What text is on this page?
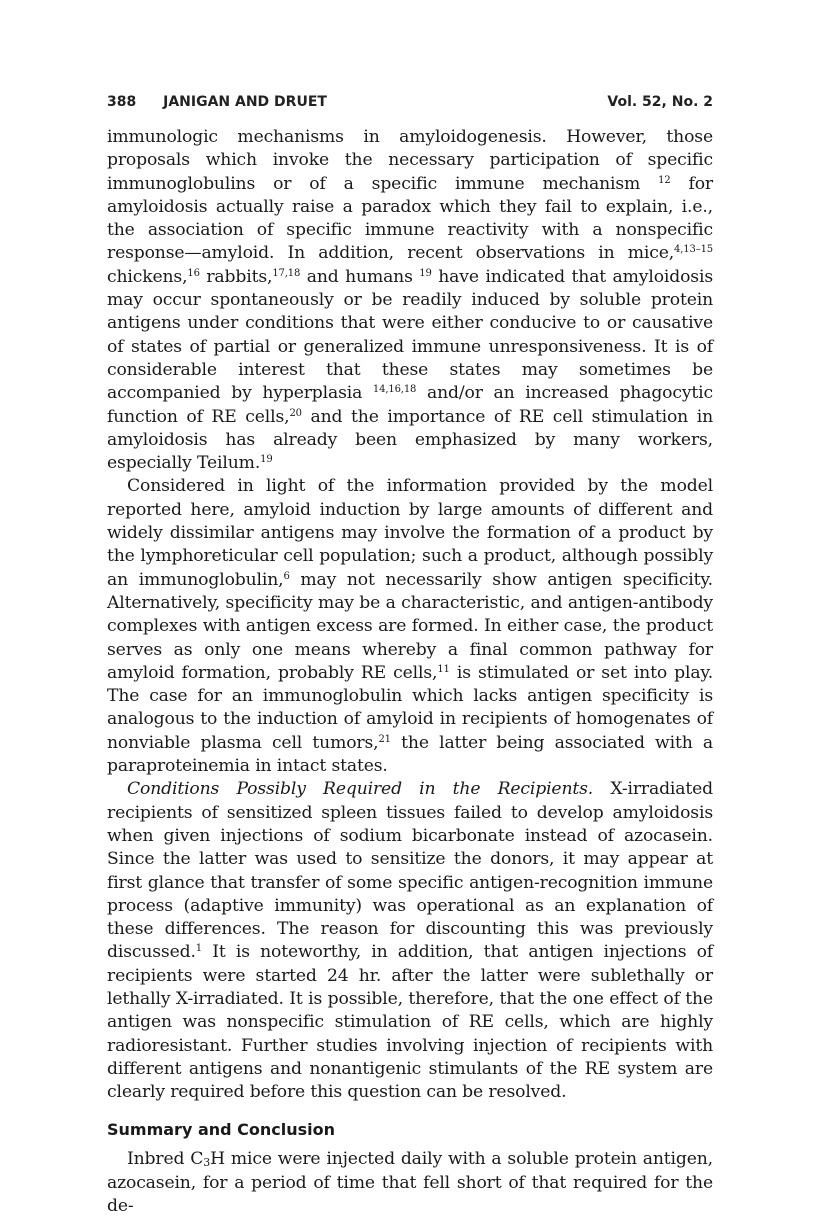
388 JANIGAN AND DRUET	Vol. 52, No. 2

immunologic mechanisms in amyloidogenesis. However, those proposals which invoke the necessary participation of specific immunoglobulins or of a specific immune mechanism $^{12}$ for amyloidosis actually raise a paradox which they fail to explain, i.e., the association of specific immune reactivity with a nonspecific response—amyloid. In addition, recent observations in mice,$^{4,13-15}$ chickens,$^{16}$ rabbits,$^{17,18}$ and humans $^{19}$ have indicated that amyloidosis may occur spontaneously or be readily induced by soluble protein antigens under conditions that were either conducive to or causative of states of partial or generalized immune unresponsiveness. It is of considerable interest that these states may sometimes be accompanied by hyperplasia $^{14,16,18}$ and/or an increased phagocytic function of RE cells,$^{20}$ and the importance of RE cell stimulation in amyloidosis has already been emphasized by many workers, especially Teilum.$^{19}$

Considered in light of the information provided by the model reported here, amyloid induction by large amounts of different and widely dissimilar antigens may involve the formation of a product by the lymphoreticular cell population; such a product, although possibly an immunoglobulin,$^6$ may not necessarily show antigen specificity. Alternatively, specificity may be a characteristic, and antigen-antibody complexes with antigen excess are formed. In either case, the product serves as only one means whereby a final common pathway for amyloid formation, probably RE cells,$^{11}$ is stimulated or set into play. The case for an immunoglobulin which lacks antigen specificity is analogous to the induction of amyloid in recipients of homogenates of nonviable plasma cell tumors,$^{21}$ the latter being associated with a paraproteinemia in intact states.

Conditions Possibly Required in the Recipients. X-irradiated recipients of sensitized spleen tissues failed to develop amyloidosis when given injections of sodium bicarbonate instead of azocasein. Since the latter was used to sensitize the donors, it may appear at first glance that transfer of some specific antigen-recognition immune process (adaptive immunity) was operational as an explanation of these differences. The reason for discounting this was previously discussed.$^1$ It is noteworthy, in addition, that antigen injections of recipients were started 24 hr. after the latter were sublethally or lethally X-irradiated. It is possible, therefore, that the one effect of the antigen was nonspecific stimulation of RE cells, which are highly radioresistant. Further studies involving injection of recipients with different antigens and nonantigenic stimulants of the RE system are clearly required before this question can be resolved.

Summary and Conclusion

Inbred $C_3H$ mice were injected daily with a soluble protein antigen, azocasein, for a period of time that fell short of that required for the de-
